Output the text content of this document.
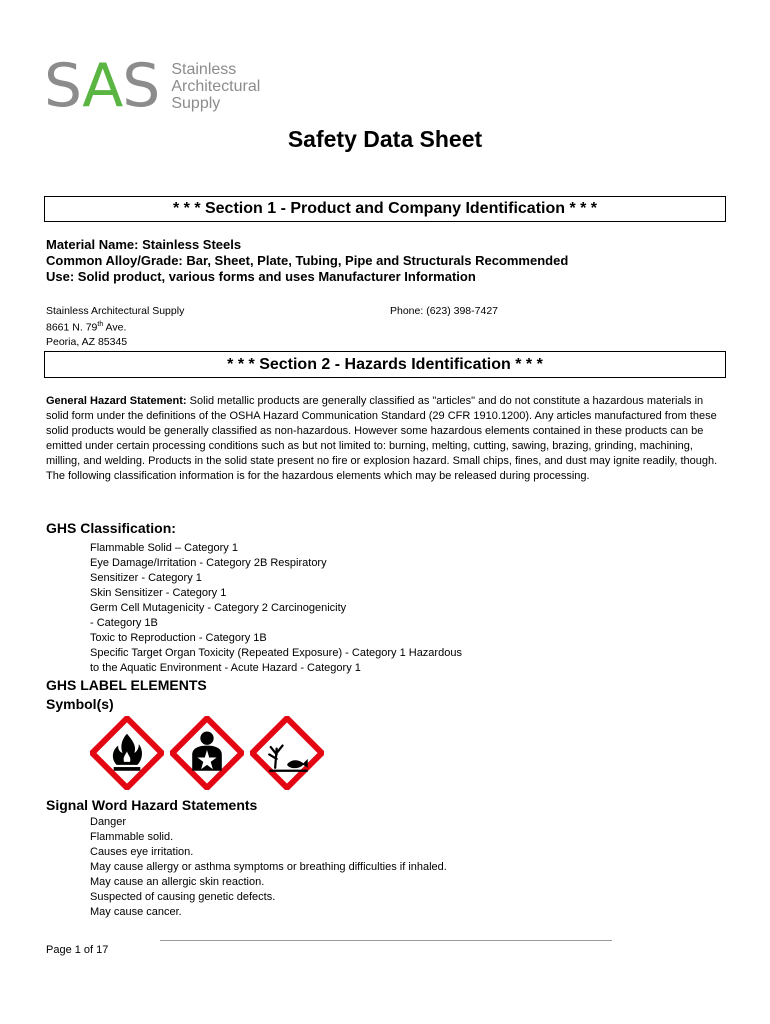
SAS Stainless
Architectural
Supply
Safety Data Sheet
* * * Section 1 - Product and Company Identification * * *
Material Name: Stainless Steels
Common Alloy/Grade: Bar, Sheet, Plate, Tubing, Pipe and Structurals Recommended
Use: Solid product, various forms and uses Manufacturer Information
Stainless Architectural Supply
8661 N. 79th Ave.
Peoria, AZ 85345
Phone: (623) 398-7427
* * * Section 2 - Hazards Identification * * *

General Hazard Statement: Solid metallic products are generally classified as "articles" and do not constitute a hazardous materials in solid form under the definitions of the OSHA Hazard Communication Standard (29 CFR 1910.1200). Any articles manufactured from these solid products would be generally classified as non-hazardous. However some hazardous elements contained in these products can be emitted under certain processing conditions such as but not limited to: burning, melting, cutting, sawing, brazing, grinding, machining, milling, and welding. Products in the solid state present no fire or explosion hazard. Small chips, fines, and dust may ignite readily, though. The following classification information is for the hazardous elements which may be released during processing.

GHS Classification:
Flammable Solid – Category 1
Eye Damage/Irritation - Category 2B Respiratory
Sensitizer - Category 1
Skin Sensitizer - Category 1
Germ Cell Mutagenicity - Category 2 Carcinogenicity
- Category 1B
Toxic to Reproduction - Category 1B
Specific Target Organ Toxicity (Repeated Exposure) - Category 1 Hazardous
to the Aquatic Environment - Acute Hazard - Category 1
GHS LABEL ELEMENTS
Symbol(s)
Signal Word Hazard Statements
Danger
Flammable solid.
Causes eye irritation.
May cause allergy or asthma symptoms or breathing difficulties if inhaled.
May cause an allergic skin reaction.
Suspected of causing genetic defects.
May cause cancer.
Page 1 of 17
